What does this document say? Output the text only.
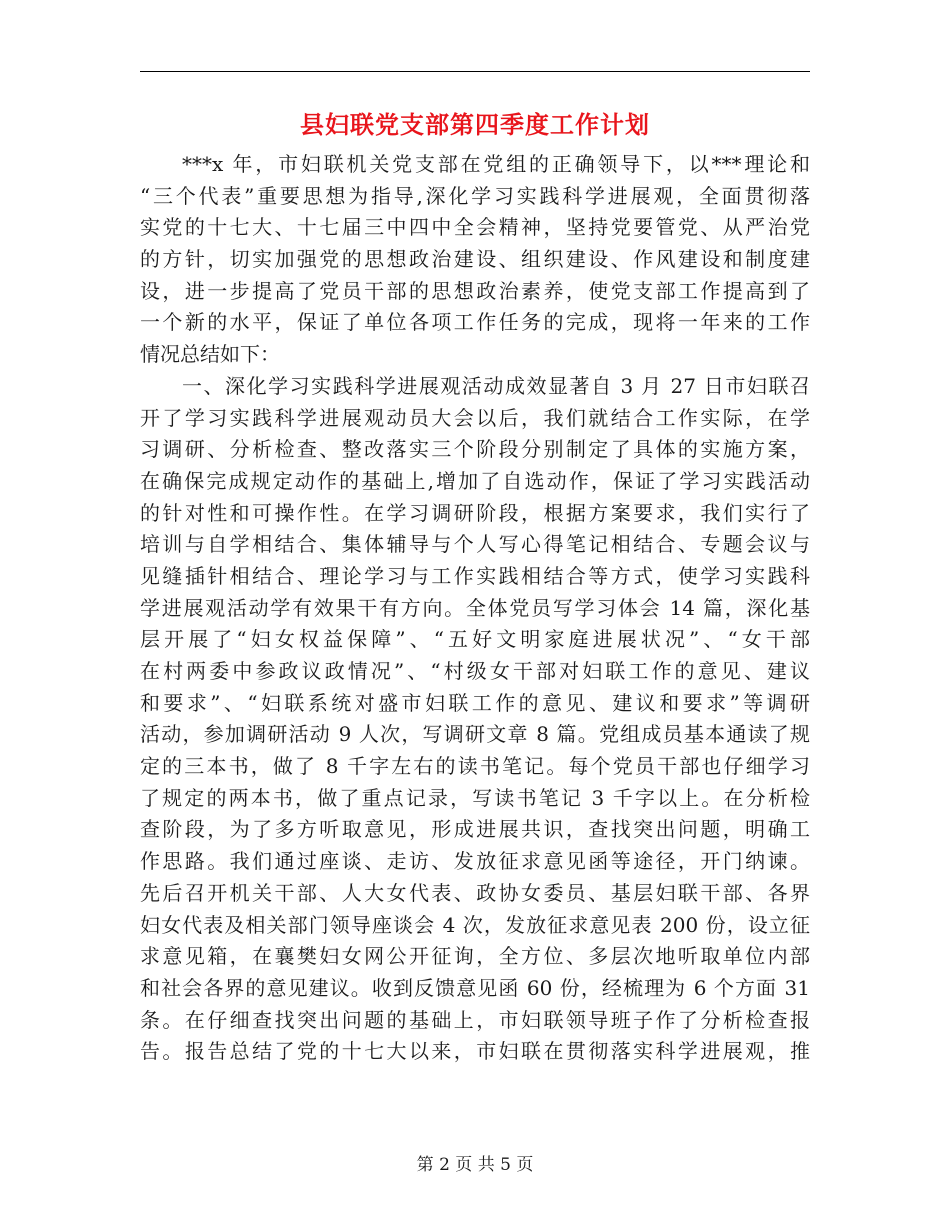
县妇联党支部第四季度工作计划
***x 年，市妇联机关党支部在党组的正确领导下，以***理论和
“三个代表”重要思想为指导,深化学习实践科学进展观，全面贯彻落
实党的十七大、十七届三中四中全会精神，坚持党要管党、从严治党
的方针，切实加强党的思想政治建设、组织建设、作风建设和制度建
设，进一步提高了党员干部的思想政治素养，使党支部工作提高到了
一个新的水平，保证了单位各项工作任务的完成，现将一年来的工作
情况总结如下：
一、深化学习实践科学进展观活动成效显著自 3 月 27 日市妇联召
开了学习实践科学进展观动员大会以后，我们就结合工作实际，在学
习调研、分析检查、整改落实三个阶段分别制定了具体的实施方案，
在确保完成规定动作的基础上,增加了自选动作，保证了学习实践活动
的针对性和可操作性。在学习调研阶段，根据方案要求，我们实行了
培训与自学相结合、集体辅导与个人写心得笔记相结合、专题会议与
见缝插针相结合、理论学习与工作实践相结合等方式，使学习实践科
学进展观活动学有效果干有方向。全体党员写学习体会 14 篇，深化基
层开展了“妇女权益保障”、“五好文明家庭进展状况”、“女干部
在村两委中参政议政情况”、“村级女干部对妇联工作的意见、建议
和要求”、“妇联系统对盛市妇联工作的意见、建议和要求”等调研
活动，参加调研活动 9 人次，写调研文章 8 篇。党组成员基本通读了规
定的三本书，做了 8 千字左右的读书笔记。每个党员干部也仔细学习
了规定的两本书，做了重点记录，写读书笔记 3 千字以上。在分析检
查阶段，为了多方听取意见，形成进展共识，查找突出问题，明确工
作思路。我们通过座谈、走访、发放征求意见函等途径，开门纳谏。
先后召开机关干部、人大女代表、政协女委员、基层妇联干部、各界
妇女代表及相关部门领导座谈会 4 次，发放征求意见表 200 份，设立征
求意见箱，在襄樊妇女网公开征询，全方位、多层次地听取单位内部
和社会各界的意见建议。收到反馈意见函 60 份，经梳理为 6 个方面 31
条。在仔细查找突出问题的基础上，市妇联领导班子作了分析检查报
告。报告总结了党的十七大以来，市妇联在贯彻落实科学进展观，推
第 2 页 共 5 页
